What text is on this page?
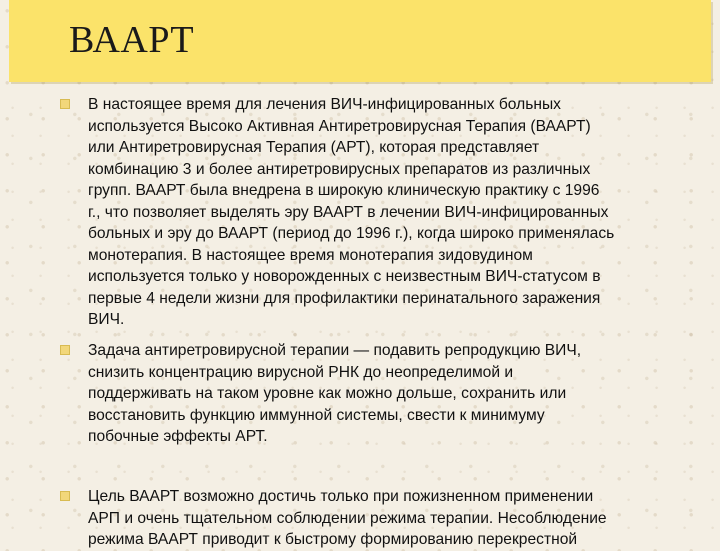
ВААРТ
В настоящее время для лечения ВИЧ-инфицированных больных
используется Высоко Активная Антиретровирусная Терапия (ВААРТ)
или Антиретровирусная Терапия (АРТ), которая представляет
комбинацию 3 и более антиретровирусных препаратов из различных
групп. ВААРТ была внедрена в широкую клиническую практику с 1996
г., что позволяет выделять эру ВААРТ в лечении ВИЧ-инфицированных
больных и эру до ВААРТ (период до 1996 г.), когда широко применялась
монотерапия. В настоящее время монотерапия зидовудином
используется только у новорожденных с неизвестным ВИЧ-статусом в
первые 4 недели жизни для профилактики перинатального заражения
ВИЧ.
Задача антиретровирусной терапии — подавить репродукцию ВИЧ,
снизить концентрацию вирусной РНК до неопределимой и
поддерживать на таком уровне как можно дольше, сохранить или
восстановить функцию иммунной системы, свести к минимуму
побочные эффекты АРТ.
Цель ВААРТ возможно достичь только при пожизненном применении
АРП и очень тщательном соблюдении режима терапии. Несоблюдение
режима ВААРТ приводит к быстрому формированию перекрестной
